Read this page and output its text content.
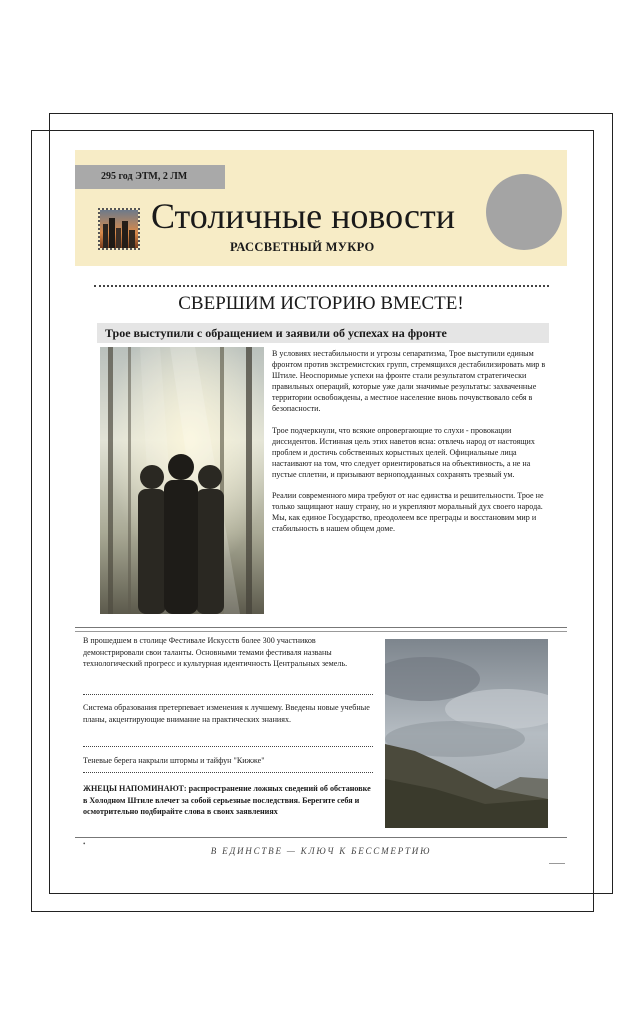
295 год ЭТМ, 2 ЛМ
Столичные новости
РАССВЕТНЫЙ МУКРО
СВЕРШИМ ИСТОРИЮ ВМЕСТЕ!
Трое выступили с обращением и заявили об успехах на фронте

В условиях нестабильности и угрозы сепаратизма, Трое выступили единым фронтом против экстремистских групп, стремящихся дестабилизировать мир в Штиле. Неоспоримые успехи на фронте стали результатом стратегически правильных операций, которые уже дали значимые результаты: захваченные территории освобождены, а местное население вновь почувствовало себя в безопасности.

Трое подчеркнули, что всякие опровергающие то слухи - провокации диссидентов. Истинная цель этих наветов ясна: отвлечь народ от настоящих проблем и достичь собственных корыстных целей. Официальные лица настаивают на том, что следует ориентироваться на объективность, а не на пустые сплетни, и призывают верноподданных сохранять трезвый ум.

Реалии современного мира требуют от нас единства и решительности. Трое не только защищают нашу страну, но и укрепляют моральный дух своего народа. Мы, как единое Государство, преодолеем все преграды и восстановим мир и стабильность в нашем общем доме.

В прошедшем в столице Фестивале Искусств более 300 участников демонстрировали свои таланты. Основными темами фестиваля названы технологический прогресс и культурная идентичность Центральных земель.
Система образования претерпевает изменения к лучшему. Введены новые учебные планы, акцентирующие внимание на практических знаниях.
Теневые берега накрыли штормы и тайфун "Кижже"
ЖНЕЦЫ НАПОМИНАЮТ: распространение ложных сведений об обстановке в Холодном Штиле влечет за собой серьезные последствия. Берегите себя и осмотрительно подбирайте слова в своих заявлениях
•
В ЕДИНСТВЕ — КЛЮЧ К БЕССМЕРТИЮ
